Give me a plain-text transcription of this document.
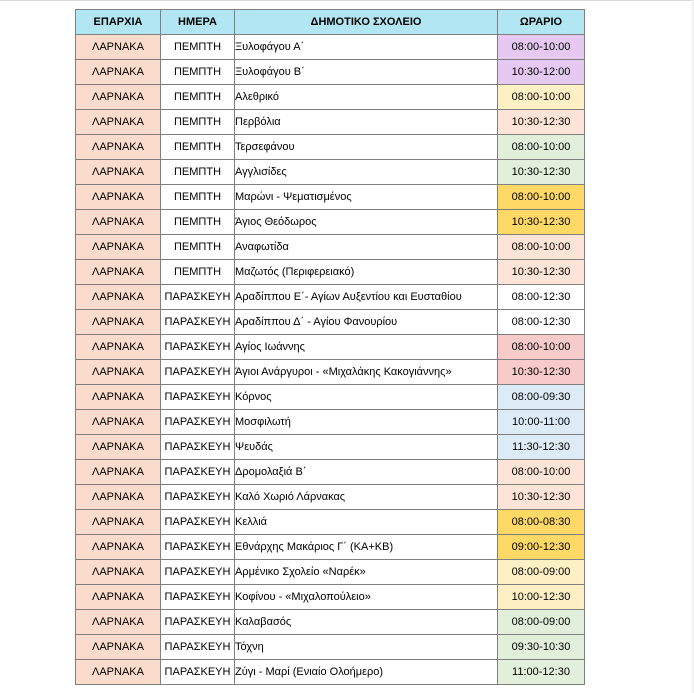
ΕΠΑΡΧΙΑ	ΗΜΕΡΑ	ΔΗΜΟΤΙΚΟ ΣΧΟΛΕΙΟ	ΩΡΑΡΙΟ
ΛΑΡΝΑΚΑ	ΠΕΜΠΤΗ	Ξυλοφάγου Α΄	08:00-10:00
ΛΑΡΝΑΚΑ	ΠΕΜΠΤΗ	Ξυλοφάγου Β΄	10:30-12:00
ΛΑΡΝΑΚΑ	ΠΕΜΠΤΗ	Αλεθρικό	08:00-10:00
ΛΑΡΝΑΚΑ	ΠΕΜΠΤΗ	Περβόλια	10:30-12:30
ΛΑΡΝΑΚΑ	ΠΕΜΠΤΗ	Τερσεφάνου	08:00-10:00
ΛΑΡΝΑΚΑ	ΠΕΜΠΤΗ	Αγγλισίδες	10:30-12:30
ΛΑΡΝΑΚΑ	ΠΕΜΠΤΗ	Μαρώνι - Ψεματισμένος	08:00-10:00
ΛΑΡΝΑΚΑ	ΠΕΜΠΤΗ	Άγιος Θεόδωρος	10:30-12:30
ΛΑΡΝΑΚΑ	ΠΕΜΠΤΗ	Αναφωτίδα	08:00-10:00
ΛΑΡΝΑΚΑ	ΠΕΜΠΤΗ	Μαζωτός (Περιφερειακό)	10:30-12:30
ΛΑΡΝΑΚΑ	ΠΑΡΑΣΚΕΥΗ	Αραδίππου Ε΄- Αγίων Αυξεντίου και Ευσταθίου	08:00-12:30
ΛΑΡΝΑΚΑ	ΠΑΡΑΣΚΕΥΗ	Αραδίππου Δ΄ - Αγίου Φανουρίου	08:00-12:30
ΛΑΡΝΑΚΑ	ΠΑΡΑΣΚΕΥΗ	Αγίος Ιωάννης	08:00-10:00
ΛΑΡΝΑΚΑ	ΠΑΡΑΣΚΕΥΗ	Άγιοι Ανάργυροι - «Μιχαλάκης Κακογιάννης»	10:30-12:30
ΛΑΡΝΑΚΑ	ΠΑΡΑΣΚΕΥΗ	Κόρνος	08:00-09:30
ΛΑΡΝΑΚΑ	ΠΑΡΑΣΚΕΥΗ	Μοσφιλωτή	10:00-11:00
ΛΑΡΝΑΚΑ	ΠΑΡΑΣΚΕΥΗ	Ψευδάς	11:30-12:30
ΛΑΡΝΑΚΑ	ΠΑΡΑΣΚΕΥΗ	Δρομολαξιά Β΄	08:00-10:00
ΛΑΡΝΑΚΑ	ΠΑΡΑΣΚΕΥΗ	Καλό Χωριό Λάρνακας	10:30-12:30
ΛΑΡΝΑΚΑ	ΠΑΡΑΣΚΕΥΗ	Κελλιά	08:00-08:30
ΛΑΡΝΑΚΑ	ΠΑΡΑΣΚΕΥΗ	Εθνάρχης Μακάριος Γ΄ (ΚΑ+ΚΒ)	09:00-12:30
ΛΑΡΝΑΚΑ	ΠΑΡΑΣΚΕΥΗ	Αρμένικο Σχολείο «Ναρέκ»	08:00-09:00
ΛΑΡΝΑΚΑ	ΠΑΡΑΣΚΕΥΗ	Κοφίνου - «Μιχαλοπούλειο»	10:00-12:30
ΛΑΡΝΑΚΑ	ΠΑΡΑΣΚΕΥΗ	Καλαβασός	08:00-09:00
ΛΑΡΝΑΚΑ	ΠΑΡΑΣΚΕΥΗ	Τόχνη	09:30-10:30
ΛΑΡΝΑΚΑ	ΠΑΡΑΣΚΕΥΗ	Ζύγι - Μαρί (Ενιαίο Ολοήμερο)	11:00-12:30
